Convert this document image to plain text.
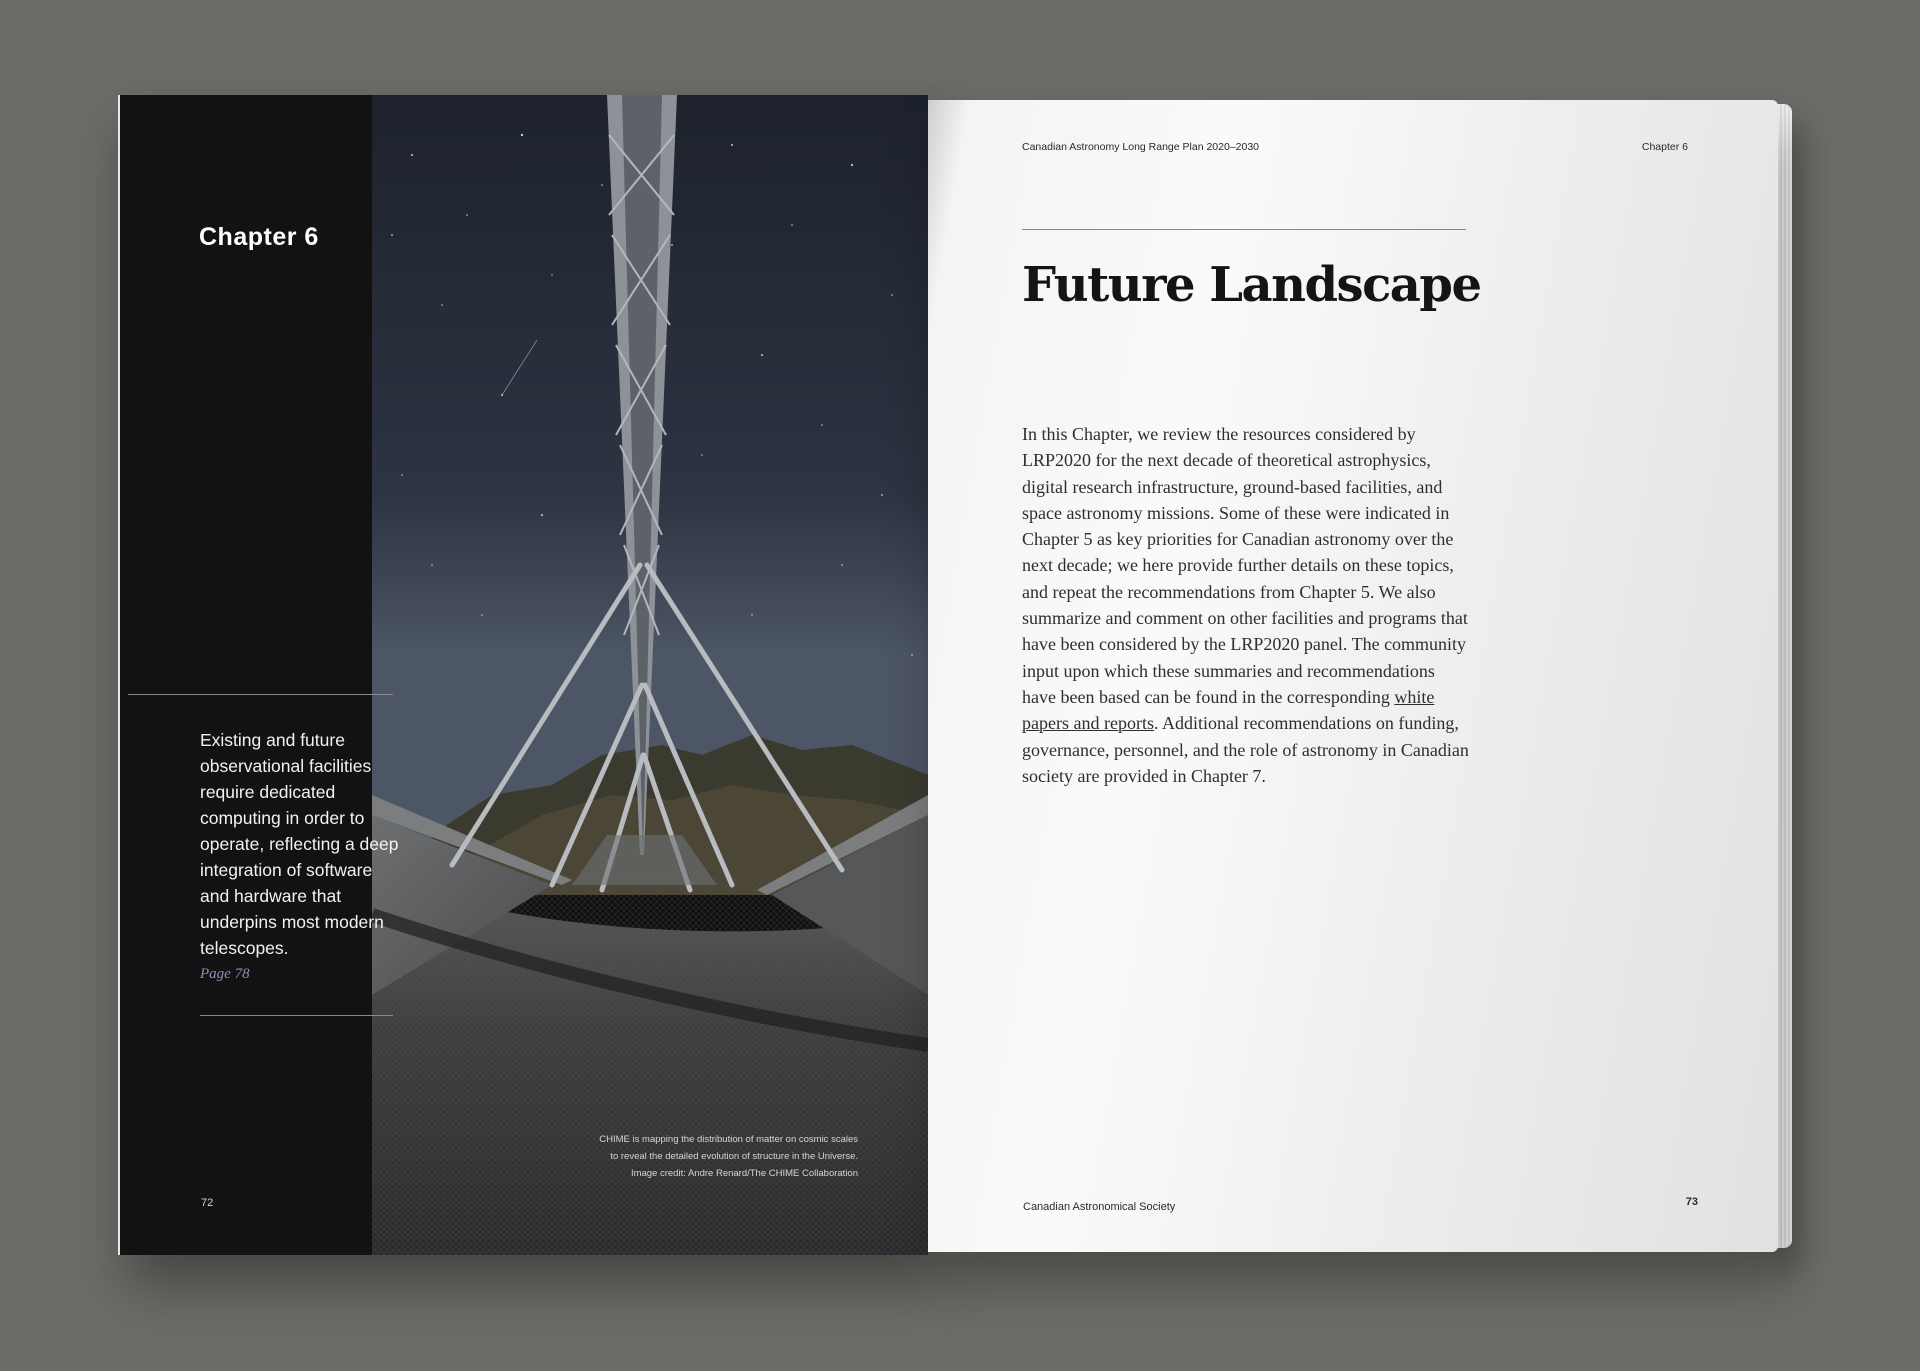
CHIME is mapping the distribution of matter on cosmic scales
to reveal the detailed evolution of structure in the Universe.
Image credit: Andre Renard/The CHIME Collaboration
Chapter 6
Existing and future observational facilities require dedicated computing in order to operate, reflecting a deep integration of software and hardware that underpins most modern telescopes.
Page 78
72
Canadian Astronomy Long Range Plan 2020–2030	Chapter 6
Future Landscape
In this Chapter, we review the resources considered by LRP2020 for the next decade of theoretical astrophysics, digital research infrastructure, ground-based facilities, and space astronomy missions. Some of these were indicated in Chapter 5 as key priorities for Canadian astronomy over the next decade; we here provide further details on these topics, and repeat the recommendations from Chapter 5. We also summarize and comment on other facilities and programs that have been considered by the LRP2020 panel. The community input upon which these summaries and recommendations have been based can be found in the corresponding white papers and reports. Additional recommendations on funding, governance, personnel, and the role of astronomy in Canadian society are provided in Chapter 7.
Canadian Astronomical Society	73
